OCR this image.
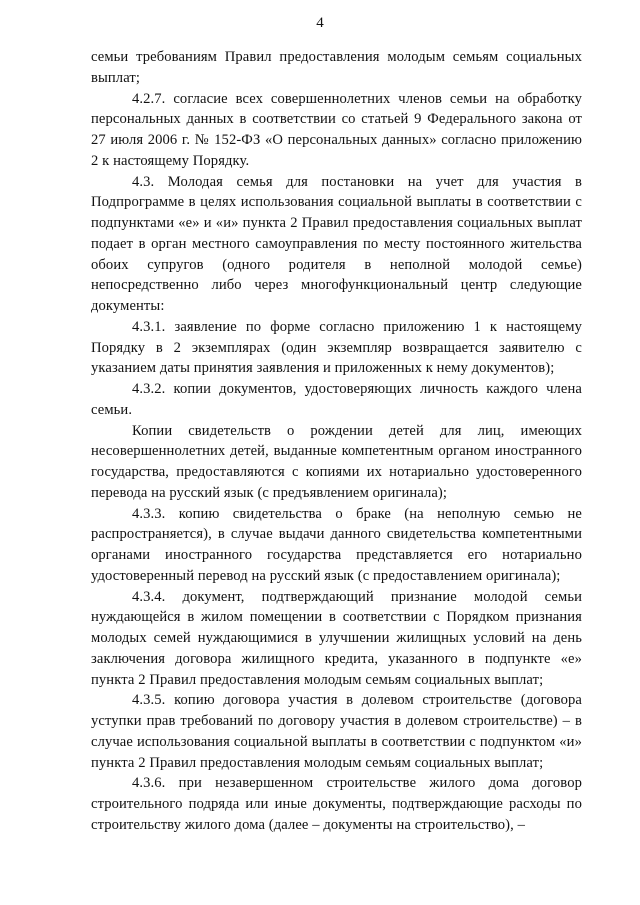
4

семьи требованиям Правил предоставления молодым семьям социальных выплат;

4.2.7. согласие всех совершеннолетних членов семьи на обработку персональных данных в соответствии со статьей 9 Федерального закона от 27 июля 2006 г. № 152-ФЗ «О персональных данных» согласно приложению 2 к настоящему Порядку.

4.3. Молодая семья для постановки на учет для участия в Подпрограмме в целях использования социальной выплаты в соответствии с подпунктами «е» и «и» пункта 2 Правил предоставления социальных выплат подает в орган местного самоуправления по месту постоянного жительства обоих супругов (одного родителя в неполной молодой семье) непосредственно либо через многофункциональный центр следующие документы:

4.3.1. заявление по форме согласно приложению 1 к настоящему Порядку в 2 экземплярах (один экземпляр возвращается заявителю с указанием даты принятия заявления и приложенных к нему документов);

4.3.2. копии документов, удостоверяющих личность каждого члена семьи.

Копии свидетельств о рождении детей для лиц, имеющих несовершеннолетних детей, выданные компетентным органом иностранного государства, предоставляются с копиями их нотариально удостоверенного перевода на русский язык (с предъявлением оригинала);

4.3.3. копию свидетельства о браке (на неполную семью не распространяется), в случае выдачи данного свидетельства компетентными органами иностранного государства представляется его нотариально удостоверенный перевод на русский язык (с предоставлением оригинала);

4.3.4. документ, подтверждающий признание молодой семьи нуждающейся в жилом помещении в соответствии с Порядком признания молодых семей нуждающимися в улучшении жилищных условий на день заключения договора жилищного кредита, указанного в подпункте «е» пункта 2 Правил предоставления молодым семьям социальных выплат;

4.3.5. копию договора участия в долевом строительстве (договора уступки прав требований по договору участия в долевом строительстве) – в случае использования социальной выплаты в соответствии с подпунктом «и» пункта 2 Правил предоставления молодым семьям социальных выплат;

4.3.6. при незавершенном строительстве жилого дома договор строительного подряда или иные документы, подтверждающие расходы по строительству жилого дома (далее – документы на строительство), –
